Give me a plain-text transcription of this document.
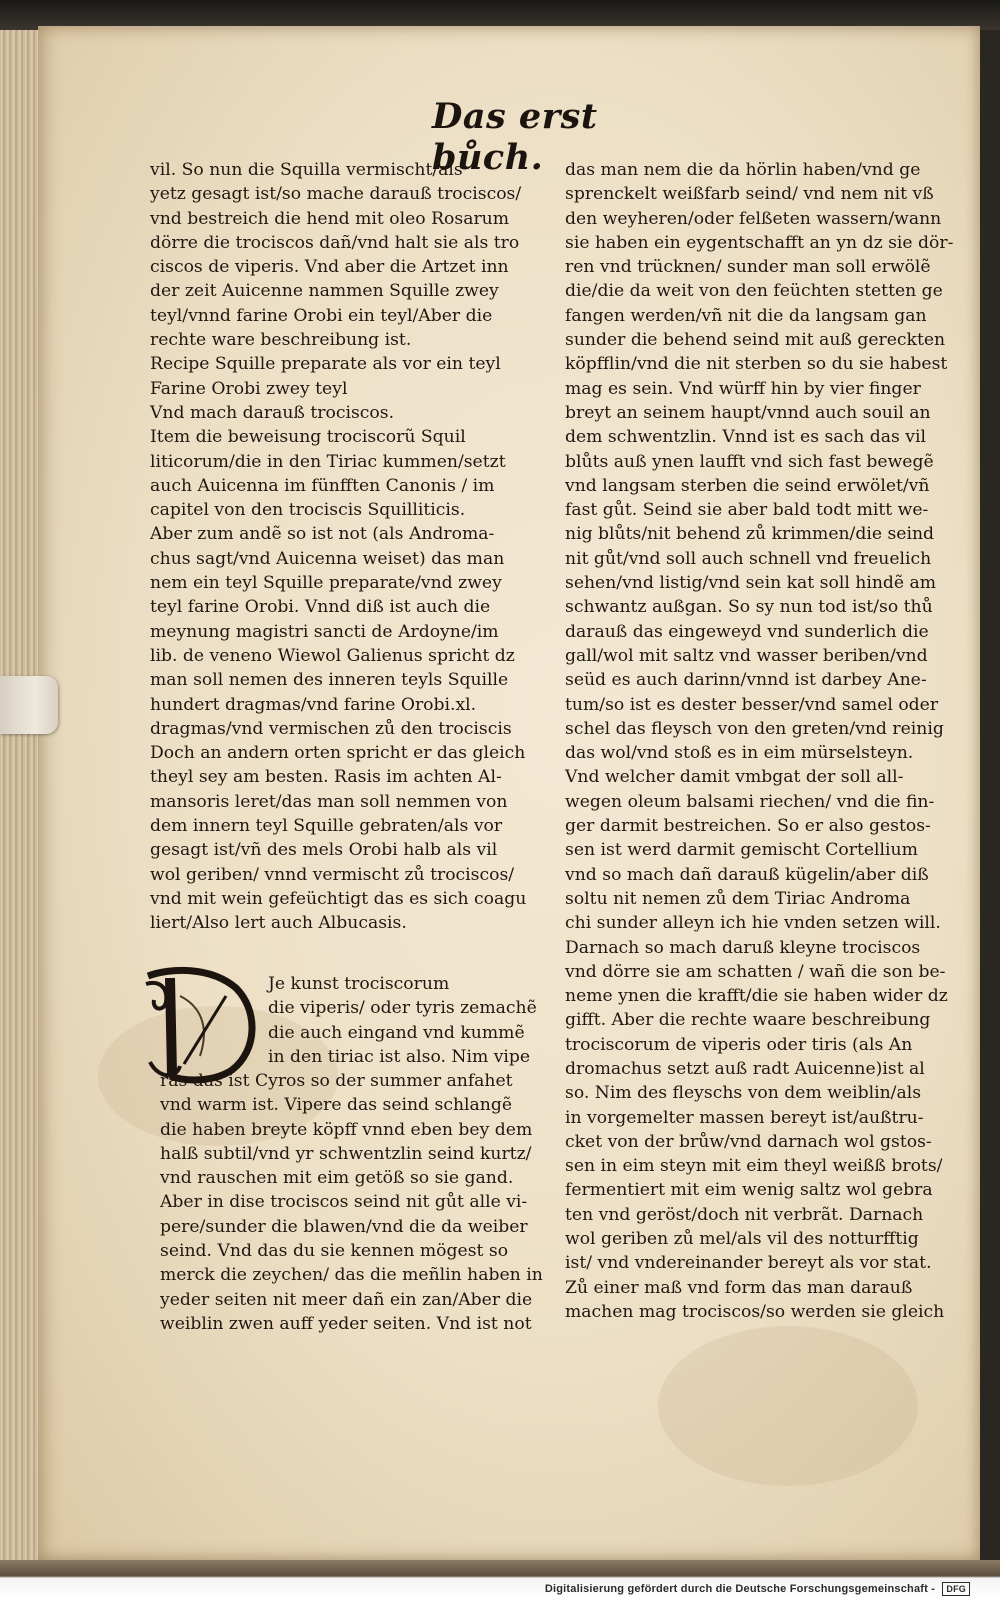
Das erst bůch.
vil. So nun die Squilla vermischt/als
yetz gesagt ist/so mache darauß trociscos/
vnd bestreich die hend mit oleo Rosarum
dörre die trociscos dañ/vnd halt sie als tro
ciscos de viperis. Vnd aber die Artzet inn
der zeit Auicenne nammen Squille zwey
teyl/vnnd farine Orobi ein teyl/Aber die
rechte ware beschreibung ist.
Recipe Squille preparate als vor ein teyl
Farine Orobi zwey teyl
Vnd mach darauß trociscos.
Item die beweisung trociscorũ Squil
liticorum/die in den Tiriac kummen/setzt
auch Auicenna im fünfften Canonis / im
capitel von den trociscis Squilliticis.
Aber zum andẽ so ist not (als Androma-
chus sagt/vnd Auicenna weiset) das man
nem ein teyl Squille preparate/vnd zwey
teyl farine Orobi. Vnnd diß ist auch die
meynung magistri sancti de Ardoyne/im
lib. de veneno Wiewol Galienus spricht dz
man soll nemen des inneren teyls Squille
hundert dragmas/vnd farine Orobi.xl.
dragmas/vnd vermischen zů den trociscis
Doch an andern orten spricht er das gleich
theyl sey am besten. Rasis im achten Al-
mansoris leret/das man soll nemmen von
dem innern teyl Squille gebraten/als vor
gesagt ist/vñ des mels Orobi halb als vil
wol geriben/ vnnd vermischt zů trociscos/
vnd mit wein gefeüchtigt das es sich coagu
liert/Also lert auch Albucasis.
Je kunst trociscorum
die viperis/ oder tyris zemachẽ
die auch eingand vnd kummẽ
in den tiriac ist also. Nim vipe
ras das ist Cyros so der summer anfahet
vnd warm ist. Vipere das seind schlangẽ
die haben breyte köpff vnnd eben bey dem
halß subtil/vnd yr schwentzlin seind kurtz/
vnd rauschen mit eim getöß so sie gand.
Aber in dise trociscos seind nit gůt alle vi-
pere/sunder die blawen/vnd die da weiber
seind. Vnd das du sie kennen mögest so
merck die zeychen/ das die meñlin haben in
yeder seiten nit meer dañ ein zan/Aber die
weiblin zwen auff yeder seiten. Vnd ist not
das man nem die da hörlin haben/vnd ge
sprenckelt weißfarb seind/ vnd nem nit vß
den weyheren/oder felßeten wassern/wann
sie haben ein eygentschafft an yn dz sie dör-
ren vnd trücknen/ sunder man soll erwölẽ
die/die da weit von den feüchten stetten ge
fangen werden/vñ nit die da langsam gan
sunder die behend seind mit auß gereckten
köpfflin/vnd die nit sterben so du sie habest
mag es sein. Vnd würff hin by vier finger
breyt an seinem haupt/vnnd auch souil an
dem schwentzlin. Vnnd ist es sach das vil
blůts auß ynen laufft vnd sich fast bewegẽ
vnd langsam sterben die seind erwölet/vñ
fast gůt. Seind sie aber bald todt mitt we-
nig blůts/nit behend zů krimmen/die seind
nit gůt/vnd soll auch schnell vnd freuelich
sehen/vnd listig/vnd sein kat soll hindẽ am
schwantz außgan. So sy nun tod ist/so thů
darauß das eingeweyd vnd sunderlich die
gall/wol mit saltz vnd wasser beriben/vnd
seüd es auch darinn/vnnd ist darbey Ane-
tum/so ist es dester besser/vnd samel oder
schel das fleysch von den greten/vnd reinig
das wol/vnd stoß es in eim mürselsteyn.
Vnd welcher damit vmbgat der soll all-
wegen oleum balsami riechen/ vnd die fin-
ger darmit bestreichen. So er also gestos-
sen ist werd darmit gemischt Cortellium
vnd so mach dañ darauß kügelin/aber diß
soltu nit nemen zů dem Tiriac Androma
chi sunder alleyn ich hie vnden setzen will.
Darnach so mach daruß kleyne trociscos
vnd dörre sie am schatten / wañ die son be-
neme ynen die krafft/die sie haben wider dz
gifft. Aber die rechte waare beschreibung
trociscorum de viperis oder tiris (als An
dromachus setzt auß radt Auicenne)ist al
so. Nim des fleyschs von dem weiblin/als
in vorgemelter massen bereyt ist/außtru-
cket von der brůw/vnd darnach wol gstos-
sen in eim steyn mit eim theyl weißß brots/
fermentiert mit eim wenig saltz wol gebra
ten vnd geröst/doch nit verbrãt. Darnach
wol geriben zů mel/als vil des notturfftig
ist/ vnd vndereinander bereyt als vor stat.
Zů einer maß vnd form das man darauß
machen mag trociscos/so werden sie gleich
Digitalisierung gefördert durch die Deutsche Forschungsgemeinschaft - DFG
